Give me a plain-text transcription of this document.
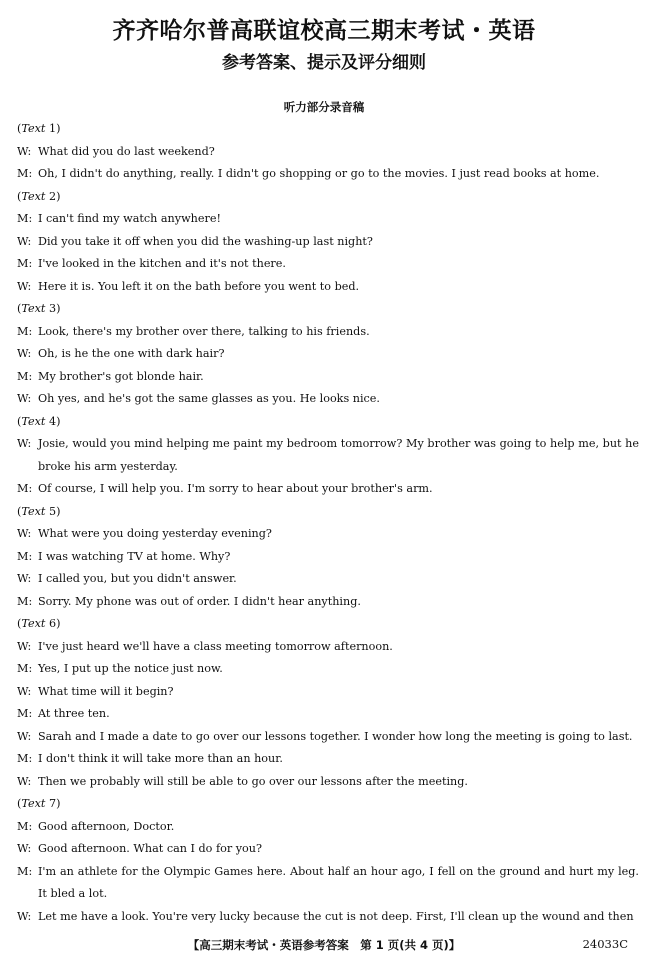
齐齐哈尔普高联谊校高三期末考试・英语
参考答案、提示及评分细则
听力部分录音稿
(Text 1)
W: What did you do last weekend?
M: Oh, I didn't do anything, really. I didn't go shopping or go to the movies. I just read books at home.
(Text 2)
M: I can't find my watch anywhere!
W: Did you take it off when you did the washing-up last night?
M: I've looked in the kitchen and it's not there.
W: Here it is. You left it on the bath before you went to bed.
(Text 3)
M: Look, there's my brother over there, talking to his friends.
W: Oh, is he the one with dark hair?
M: My brother's got blonde hair.
W: Oh yes, and he's got the same glasses as you. He looks nice.
(Text 4)
W: Josie, would you mind helping me paint my bedroom tomorrow? My brother was going to help me, but he broke his arm yesterday.
M: Of course, I will help you. I'm sorry to hear about your brother's arm.
(Text 5)
W: What were you doing yesterday evening?
M: I was watching TV at home. Why?
W: I called you, but you didn't answer.
M: Sorry. My phone was out of order. I didn't hear anything.
(Text 6)
W: I've just heard we'll have a class meeting tomorrow afternoon.
M: Yes, I put up the notice just now.
W: What time will it begin?
M: At three ten.
W: Sarah and I made a date to go over our lessons together. I wonder how long the meeting is going to last.
M: I don't think it will take more than an hour.
W: Then we probably will still be able to go over our lessons after the meeting.
(Text 7)
M: Good afternoon, Doctor.
W: Good afternoon. What can I do for you?
M: I'm an athlete for the Olympic Games here. About half an hour ago, I fell on the ground and hurt my leg. It bled a lot.
W: Let me have a look. You're very lucky because the cut is not deep. First, I'll clean up the wound and then
【高三期末考试・英语参考答案　第 1 页(共 4 页)】	24033C
